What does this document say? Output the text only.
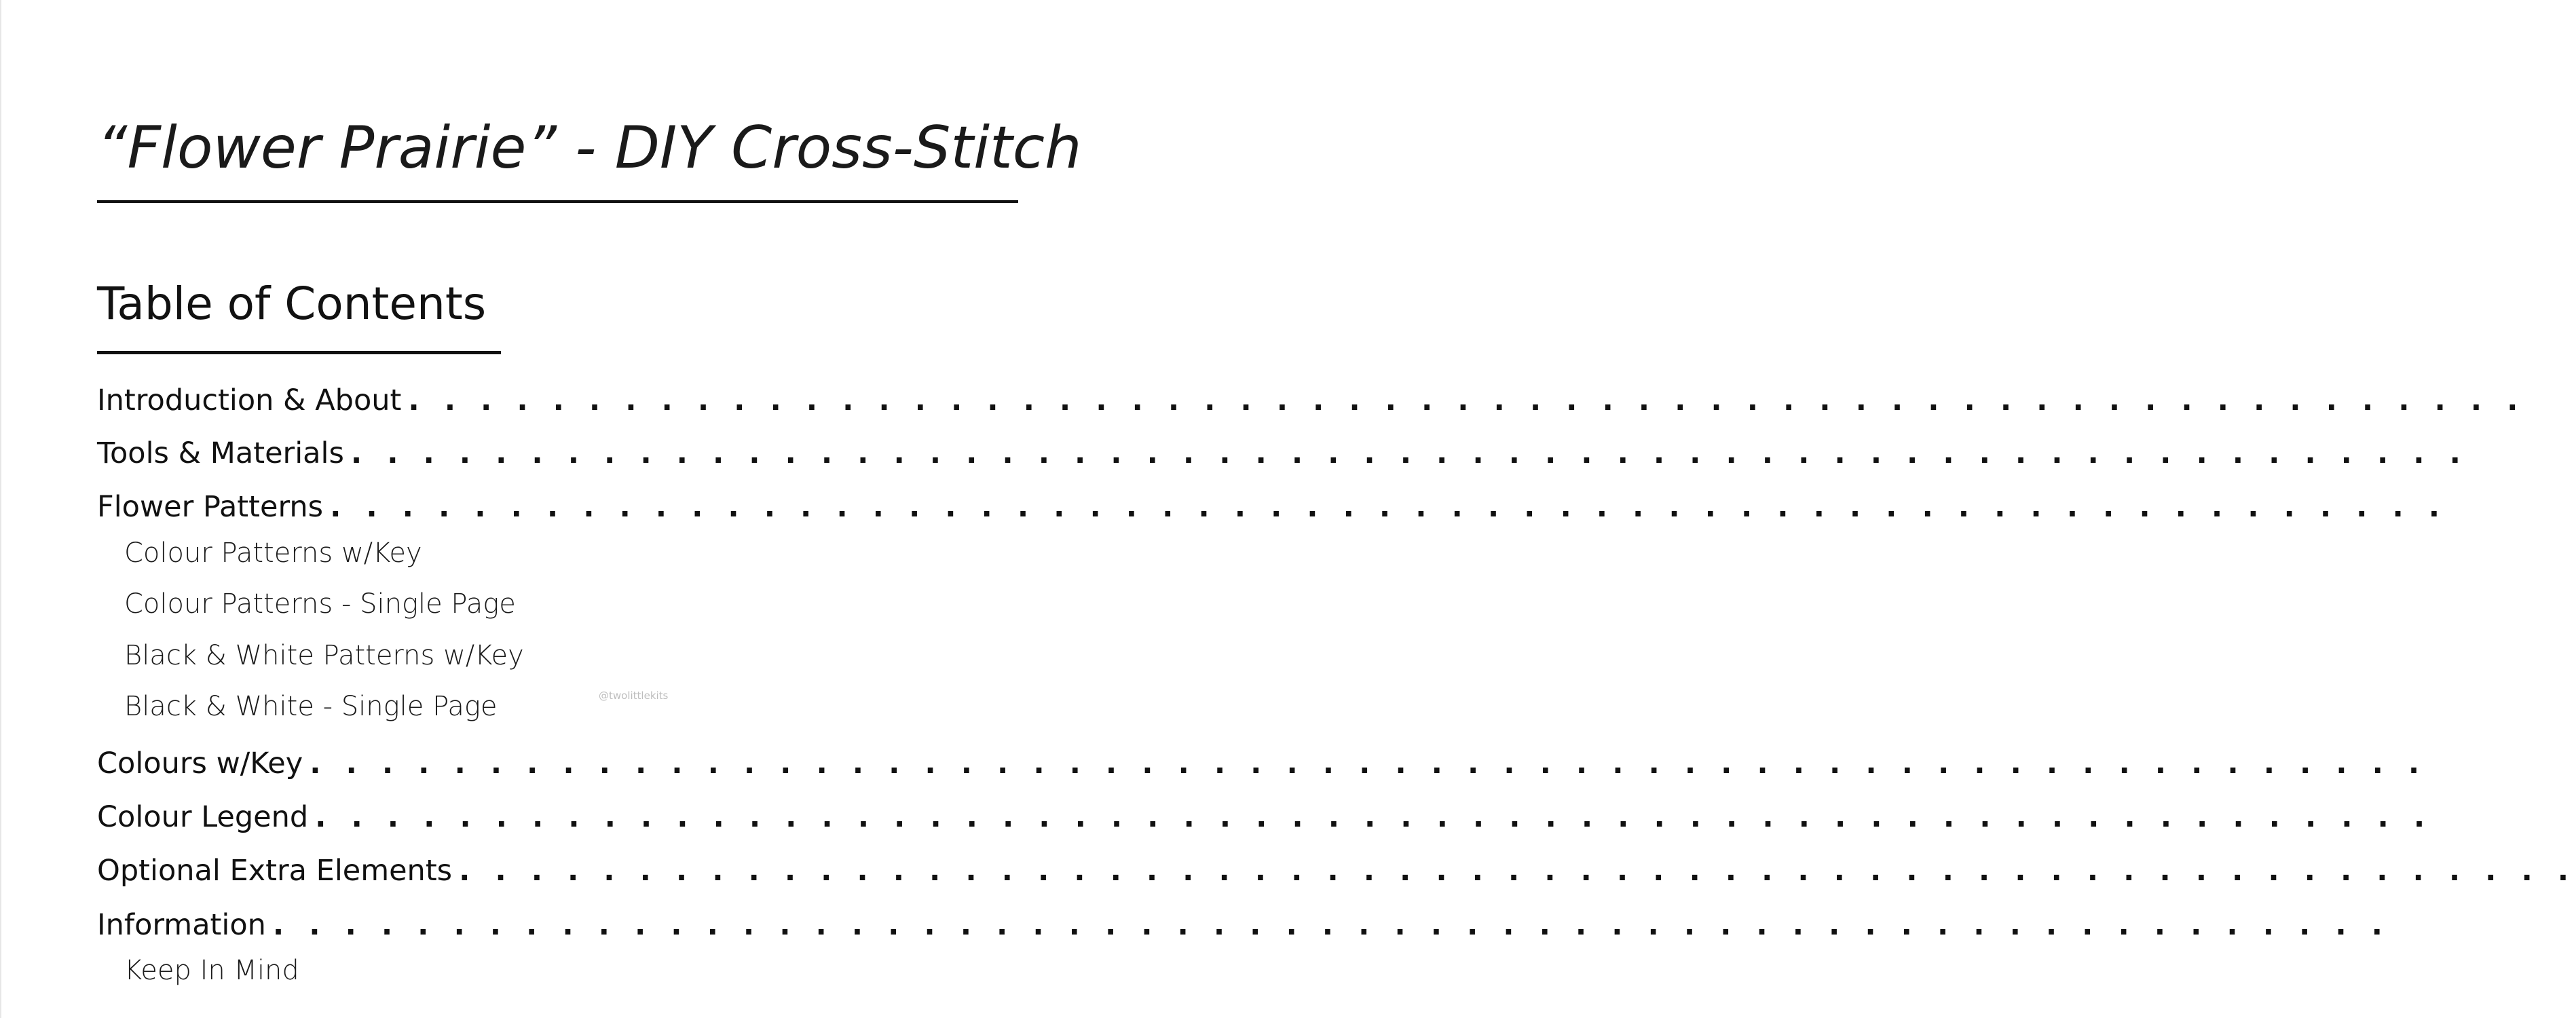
“Flower Prairie” - DIY Cross-Stitch
Table of Contents
Introduction & About . . . . . . . . . . . . . . . . . . . . . . . . . . . . . . . . . . . . . . . . . . . . . . . . . . . . . . . . . . .
Tools & Materials . . . . . . . . . . . . . . . . . . . . . . . . . . . . . . . . . . . . . . . . . . . . . . . . . . . . . . . . . . .
Flower Patterns . . . . . . . . . . . . . . . . . . . . . . . . . . . . . . . . . . . . . . . . . . . . . . . . . . . . . . . . . . .
Colour Patterns w/Key
Colour Patterns - Single Page
Black & White Patterns w/Key
Black & White - Single Page	@twolittlekits
Colours w/Key . . . . . . . . . . . . . . . . . . . . . . . . . . . . . . . . . . . . . . . . . . . . . . . . . . . . . . . . . . .
Colour Legend . . . . . . . . . . . . . . . . . . . . . . . . . . . . . . . . . . . . . . . . . . . . . . . . . . . . . . . . . . .
Optional Extra Elements . . . . . . . . . . . . . . . . . . . . . . . . . . . . . . . . . . . . . . . . . . . . . . . . . . . . . . . . . . .
Information . . . . . . . . . . . . . . . . . . . . . . . . . . . . . . . . . . . . . . . . . . . . . . . . . . . . . . . . . . .
Keep In Mind
